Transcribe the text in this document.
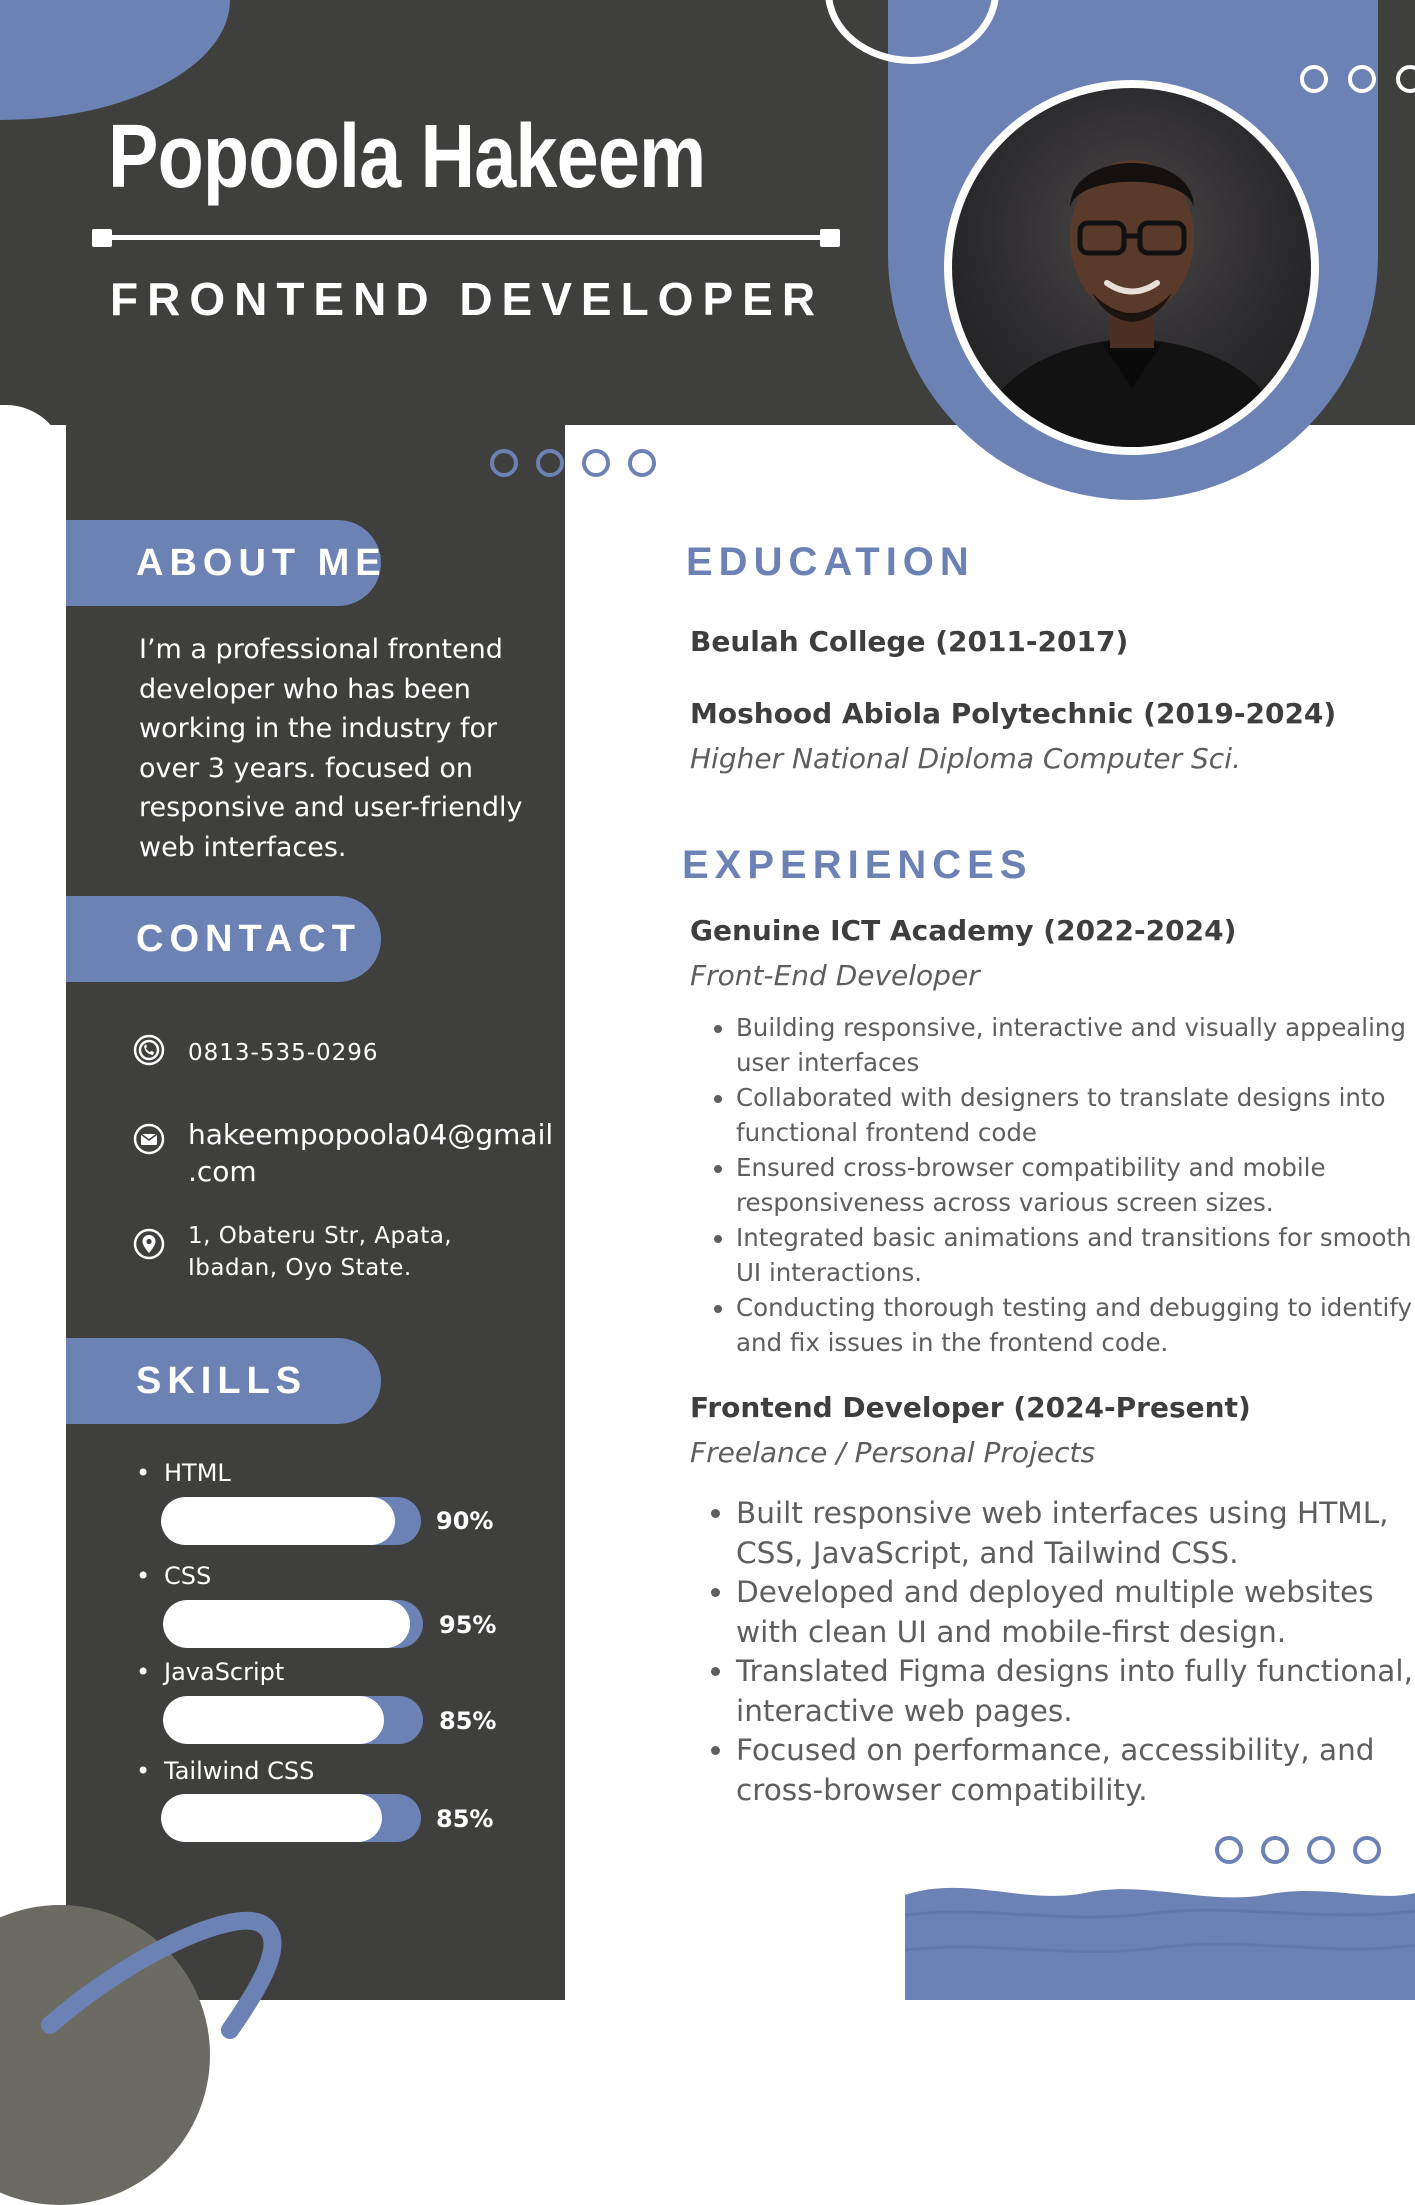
Popoola Hakeem
FRONTEND DEVELOPER
ABOUT ME

I’m a professional frontend developer who has been working in the industry for over 3 years. focused on responsive and user-friendly web interfaces.

CONTACT
0813-535-0296
hakeempopoola04@gmail
.com
1, Obateru Str, Apata,
Ibadan, Oyo State.
SKILLS
• HTML
90%
• CSS
95%
• JavaScript
85%
• Tailwind CSS
85%
EDUCATION

Beulah College (2011-2017)

Moshood Abiola Polytechnic (2019-2024)

Higher National Diploma Computer Sci.

EXPERIENCES

Genuine ICT Academy (2022-2024)

Front-End Developer

• Building responsive, interactive and visually appealing user interfaces
• Collaborated with designers to translate designs into functional frontend code
• Ensured cross-browser compatibility and mobile responsiveness across various screen sizes.
• Integrated basic animations and transitions for smooth UI interactions.
• Conducting thorough testing and debugging to identify and fix issues in the frontend code.

Frontend Developer (2024-Present)

Freelance / Personal Projects

• Built responsive web interfaces using HTML, CSS, JavaScript, and Tailwind CSS.
• Developed and deployed multiple websites with clean UI and mobile-first design.
• Translated Figma designs into fully functional, interactive web pages.
• Focused on performance, accessibility, and cross-browser compatibility.
